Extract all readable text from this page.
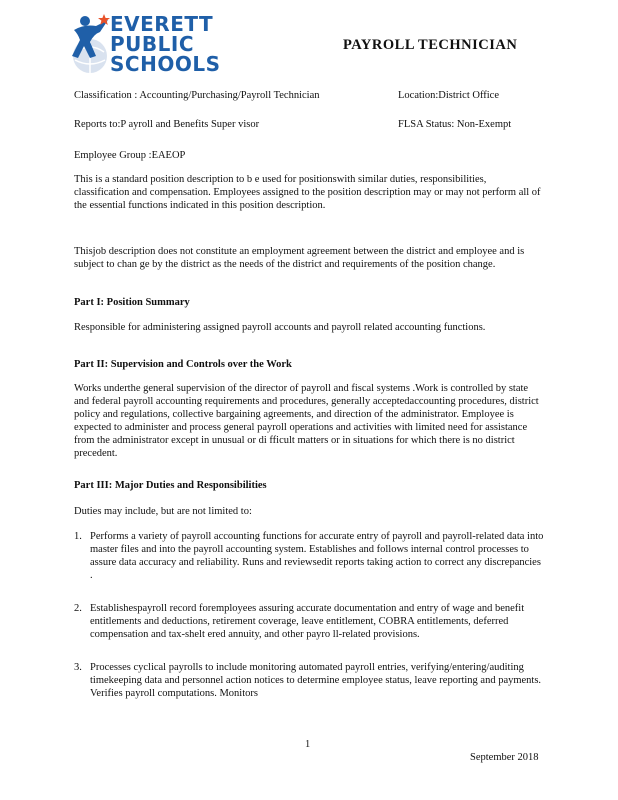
EVERETT
PUBLIC
SCHOOLS
PAYROLL TECHNICIAN
Classification : Accounting/Purchasing/Payroll Technician	Location:District Office
Reports to:P ayroll and Benefits Super visor	FLSA Status: Non-Exempt
Employee Group :EAEOP

This is a standard position description to b e used for positionswith similar duties, responsibilities, classification and compensation. Employees assigned to the position description may or may not perform all of the essential functions indicated in this position description.

Thisjob description does not constitute an employment agreement between the district and employee and is subject to chan ge by the district as the needs of the district and requirements of the position change.

Part I: Position Summary

Responsible for administering assigned payroll accounts and payroll related accounting functions.

Part II: Supervision and Controls over the Work

Works underthe general supervision of the director of payroll and fiscal systems .Work is controlled by state and federal payroll accounting requirements and procedures, generally acceptedaccounting procedures, district policy and regulations, collective bargaining agreements, and direction of the administrator. Employee is expected to administer and process general payroll operations and activities with limited need for assistance from the administrator except in unusual or di fficult matters or in situations for which there is no district precedent.

Part III: Major Duties and Responsibilities
Duties may include, but are not limited to:
1. Performs a variety of payroll accounting functions for accurate entry of payroll and payroll-related data into master files and into the payroll accounting system. Establishes and follows internal control processes to assure data accuracy and reliability. Runs and reviewsedit reports taking action to correct any discrepancies .
2. Establishespayroll record foremployees assuring accurate documentation and entry of wage and benefit entitlements and deductions, retirement coverage, leave entitlement, COBRA entitlements, deferred compensation and tax-shelt ered annuity, and other payro ll-related provisions.
3. Processes cyclical payrolls to include monitoring automated payroll entries, verifying/entering/auditing timekeeping data and personnel action notices to determine employee status, leave reporting and payments. Verifies payroll computations. Monitors
1
September 2018
